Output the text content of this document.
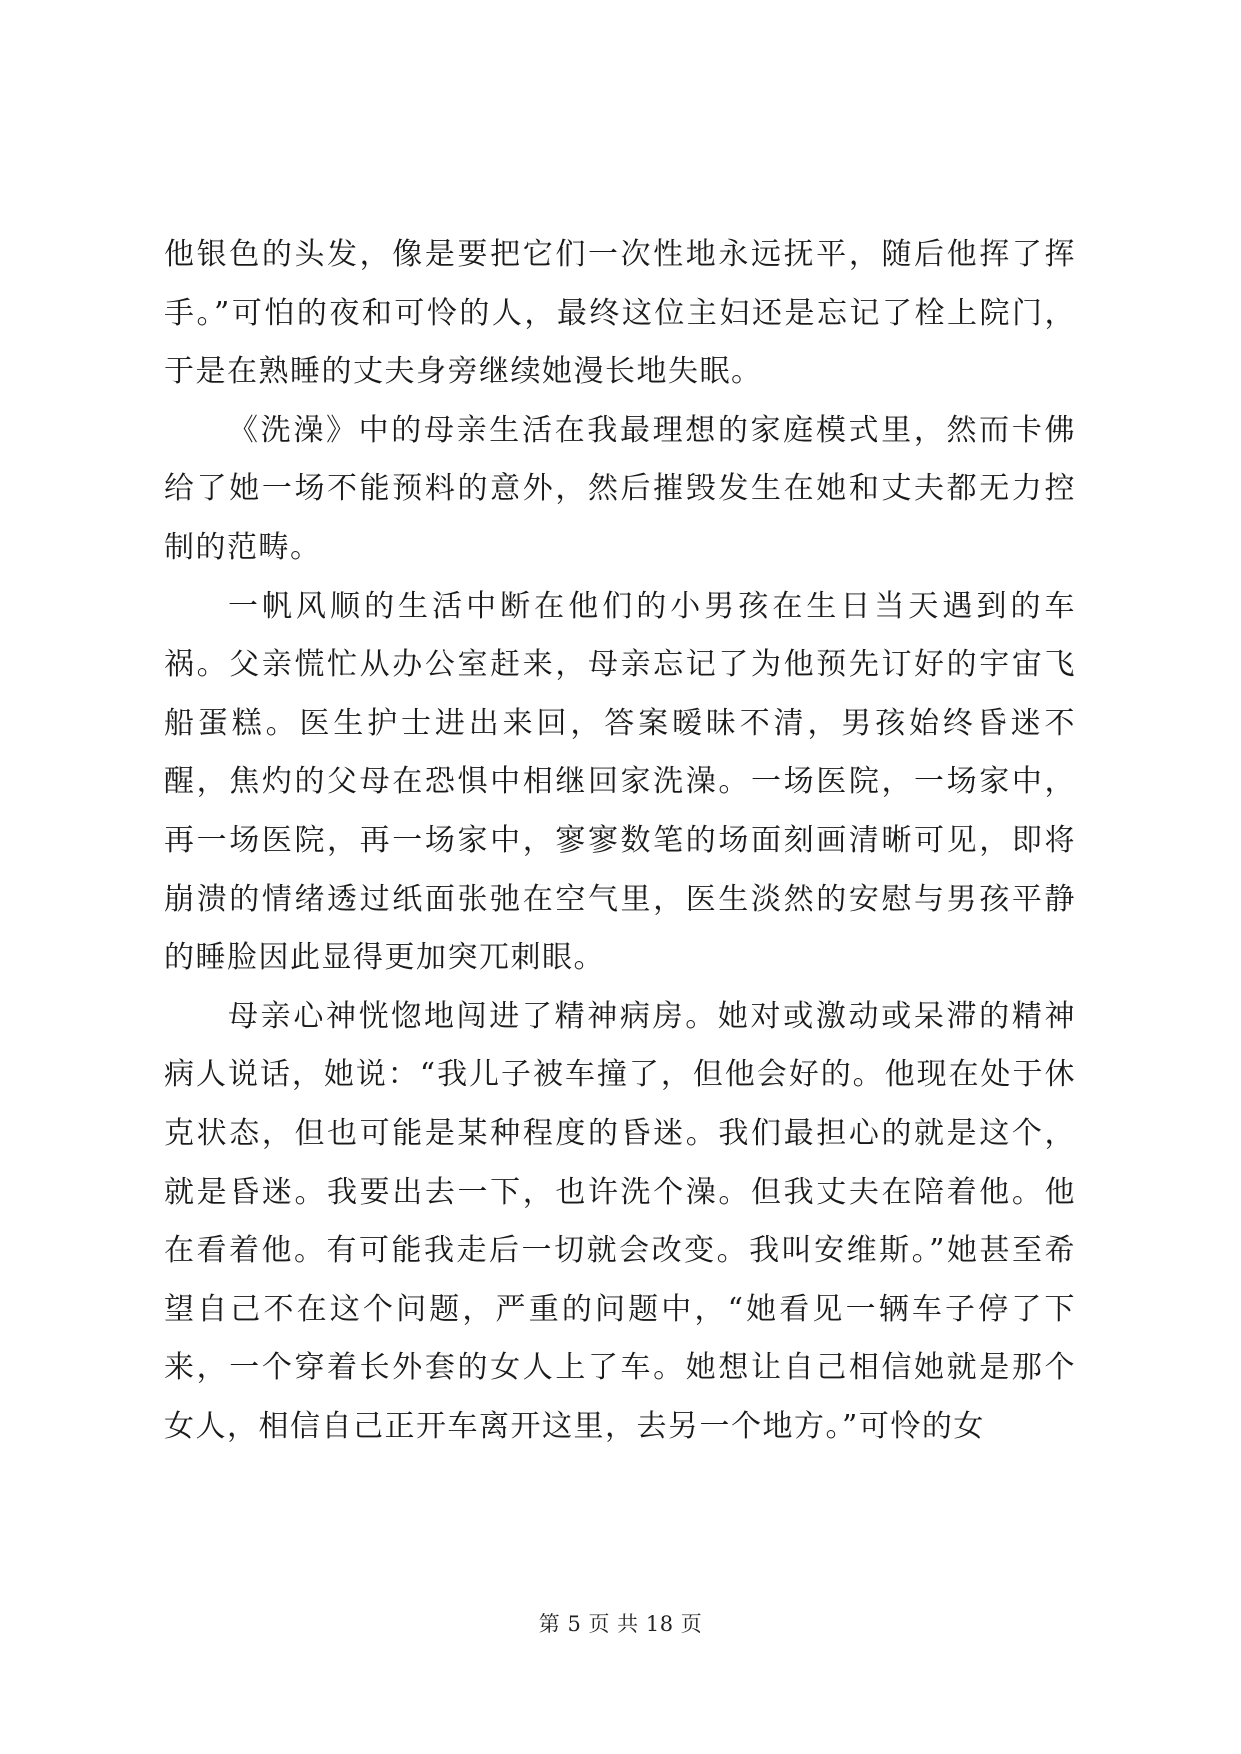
他银色的头发，像是要把它们一次性地永远抚平，随后他挥了挥手。”可怕的夜和可怜的人，最终这位主妇还是忘记了栓上院门，于是在熟睡的丈夫身旁继续她漫长地失眠。

《洗澡》中的母亲生活在我最理想的家庭模式里，然而卡佛给了她一场不能预料的意外，然后摧毁发生在她和丈夫都无力控制的范畴。

一帆风顺的生活中断在他们的小男孩在生日当天遇到的车祸。父亲慌忙从办公室赶来，母亲忘记了为他预先订好的宇宙飞船蛋糕。医生护士进出来回，答案暧昧不清，男孩始终昏迷不醒，焦灼的父母在恐惧中相继回家洗澡。一场医院，一场家中，再一场医院，再一场家中，寥寥数笔的场面刻画清晰可见，即将崩溃的情绪透过纸面张弛在空气里，医生淡然的安慰与男孩平静的睡脸因此显得更加突兀刺眼。

母亲心神恍惚地闯进了精神病房。她对或激动或呆滞的精神病人说话，她说：“我儿子被车撞了，但他会好的。他现在处于休克状态，但也可能是某种程度的昏迷。我们最担心的就是这个，就是昏迷。我要出去一下，也许洗个澡。但我丈夫在陪着他。他在看着他。有可能我走后一切就会改变。我叫安维斯。”她甚至希望自己不在这个问题，严重的问题中，“她看见一辆车子停了下来，一个穿着长外套的女人上了车。她想让自己相信她就是那个女人，相信自己正开车离开这里，去另一个地方。”可怜的女

第 5 页 共 18 页
